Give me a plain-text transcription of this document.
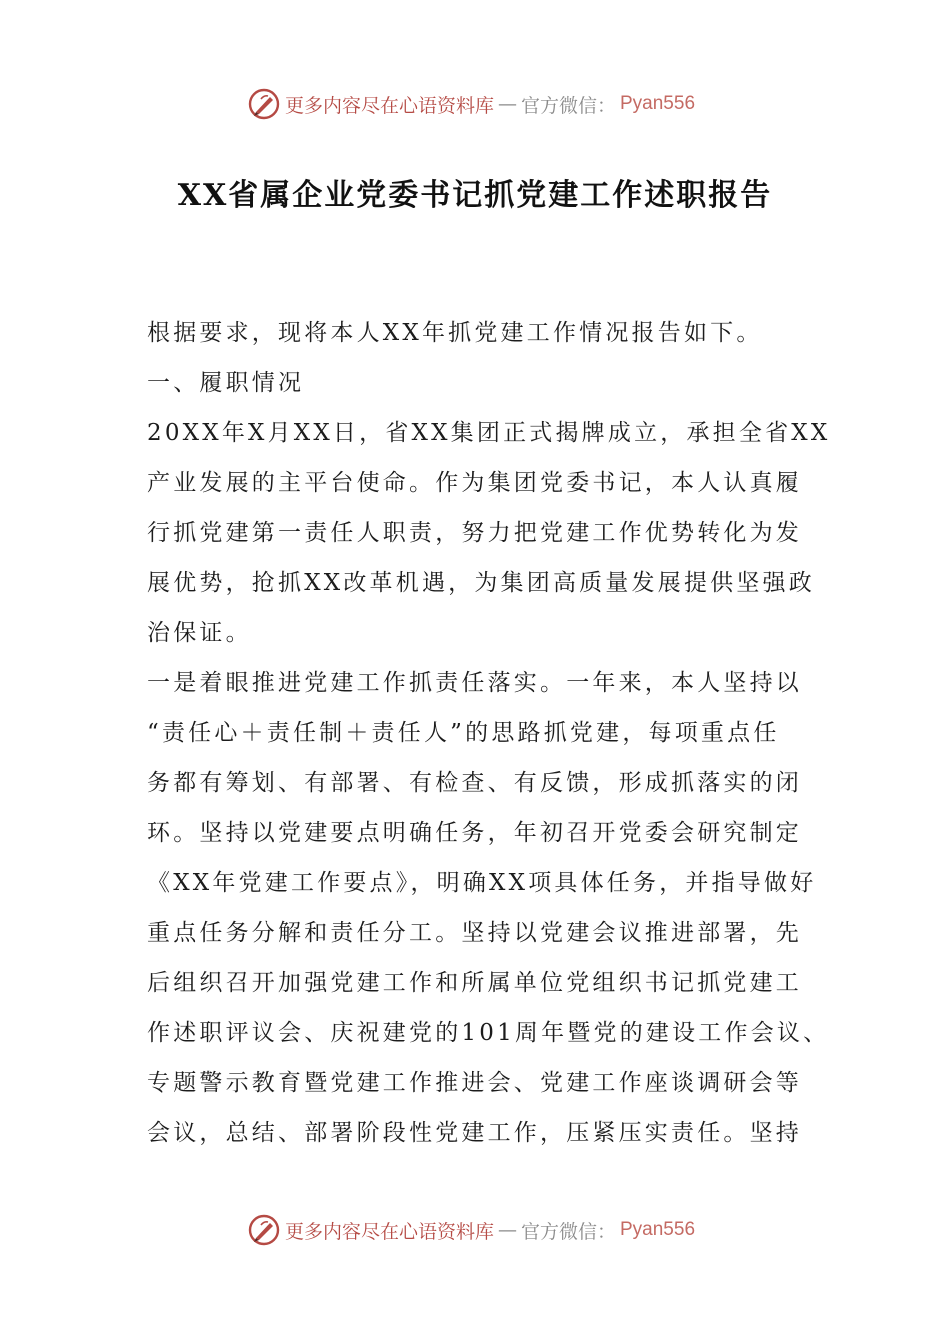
更多内容尽在心语资料库 — 官方微信： Pyan556
XX省属企业党委书记抓党建工作述职报告
根据要求，现将本人XX年抓党建工作情况报告如下。
一、履职情况
20XX年X月XX日，省XX集团正式揭牌成立，承担全省XX
产业发展的主平台使命。作为集团党委书记，本人认真履
行抓党建第一责任人职责，努力把党建工作优势转化为发
展优势，抢抓XX改革机遇，为集团高质量发展提供坚强政
治保证。
一是着眼推进党建工作抓责任落实。一年来，本人坚持以
“责任心＋责任制＋责任人”的思路抓党建，每项重点任
务都有筹划、有部署、有检查、有反馈，形成抓落实的闭
环。坚持以党建要点明确任务，年初召开党委会研究制定
《XX年党建工作要点》，明确XX项具体任务，并指导做好
重点任务分解和责任分工。坚持以党建会议推进部署，先
后组织召开加强党建工作和所属单位党组织书记抓党建工
作述职评议会、庆祝建党的101周年暨党的建设工作会议、
专题警示教育暨党建工作推进会、党建工作座谈调研会等
会议，总结、部署阶段性党建工作，压紧压实责任。坚持
更多内容尽在心语资料库 — 官方微信： Pyan556
